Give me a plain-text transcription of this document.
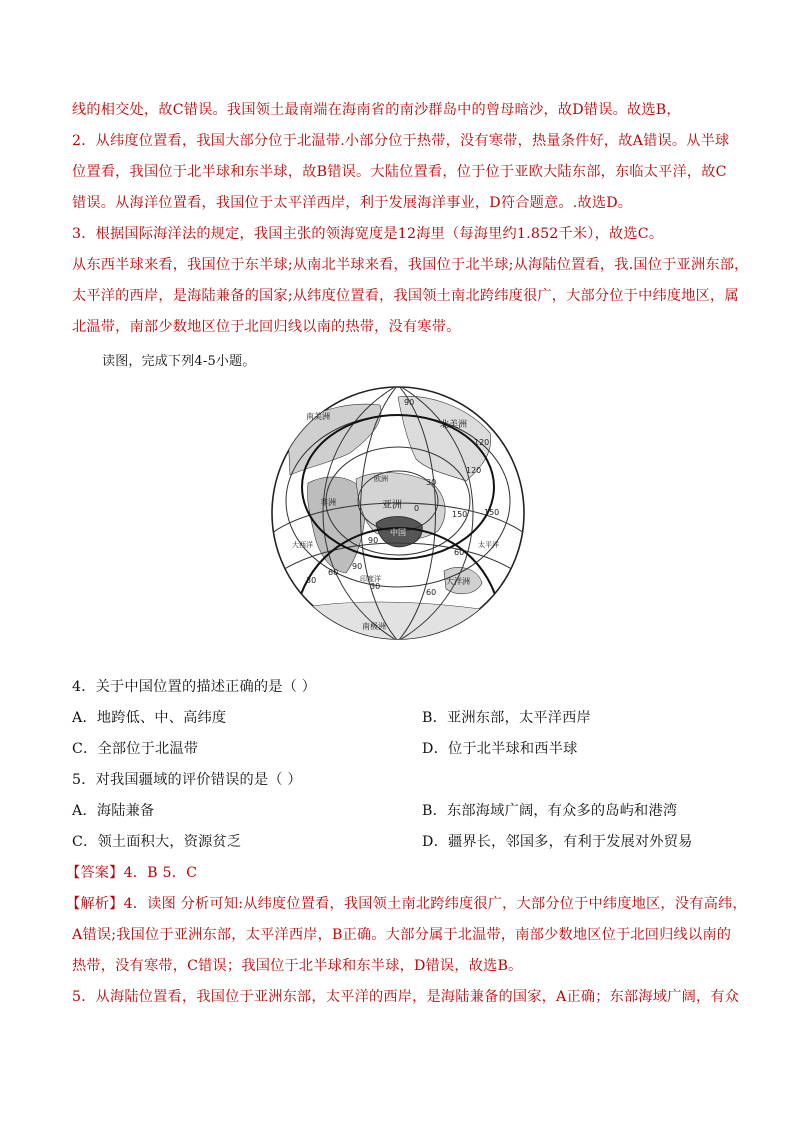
线的相交处，故C错误。我国领土最南端在海南省的南沙群岛中的曾母暗沙，故D错误。故选B，
2．从纬度位置看，我国大部分位于北温带.小部分位于热带，没有寒带，热量条件好，故A错误。从半球
位置看，我国位于北半球和东半球，故B错误。大陆位置看，位于位于亚欧大陆东部，东临太平洋，故C
错误。从海洋位置看，我国位于太平洋西岸，利于发展海洋事业，D符合题意。.故选D。
3．根据国际海洋法的规定，我国主张的领海宽度是12海里（每海里约1.852千米），故选C。
从东西半球来看，我国位于东半球;从南北半球来看，我国位于北半球;从海陆位置看，我.国位于亚洲东部，
太平洋的西岸，是海陆兼备的国家;从纬度位置看，我国领土南北跨纬度很广，大部分位于中纬度地区，属
北温带，南部少数地区位于北回归线以南的热带，没有寒带。
读图，完成下列4-5小题。
北美洲
南美洲
非洲	亚洲
中国
大洋洲
南极洲
欧洲
大西洋
印度洋
太平洋
90
120
150
60
30
0
30
60
90
90
30
60
150
120
4．关于中国位置的描述正确的是（ ）
A．地跨低、中、高纬度	B．亚洲东部，太平洋西岸
C．全部位于北温带	D．位于北半球和西半球
5．对我国疆域的评价错误的是（ ）
A．海陆兼备	B．东部海域广阔，有众多的岛屿和港湾
C．领土面积大，资源贫乏	D．疆界长，邻国多，有利于发展对外贸易
【答案】4．B 5．C
【解析】4．读图 分析可知:从纬度位置看，我国领土南北跨纬度很广，大部分位于中纬度地区，没有高纬，
A错误;我国位于亚洲东部，太平洋西岸，B正确。大部分属于北温带，南部少数地区位于北回归线以南的
热带，没有寒带，C错误；我国位于北半球和东半球，D错误，故选B。
5．从海陆位置看，我国位于亚洲东部，太平洋的西岸，是海陆兼备的国家，A正确；东部海域广阔，有众
